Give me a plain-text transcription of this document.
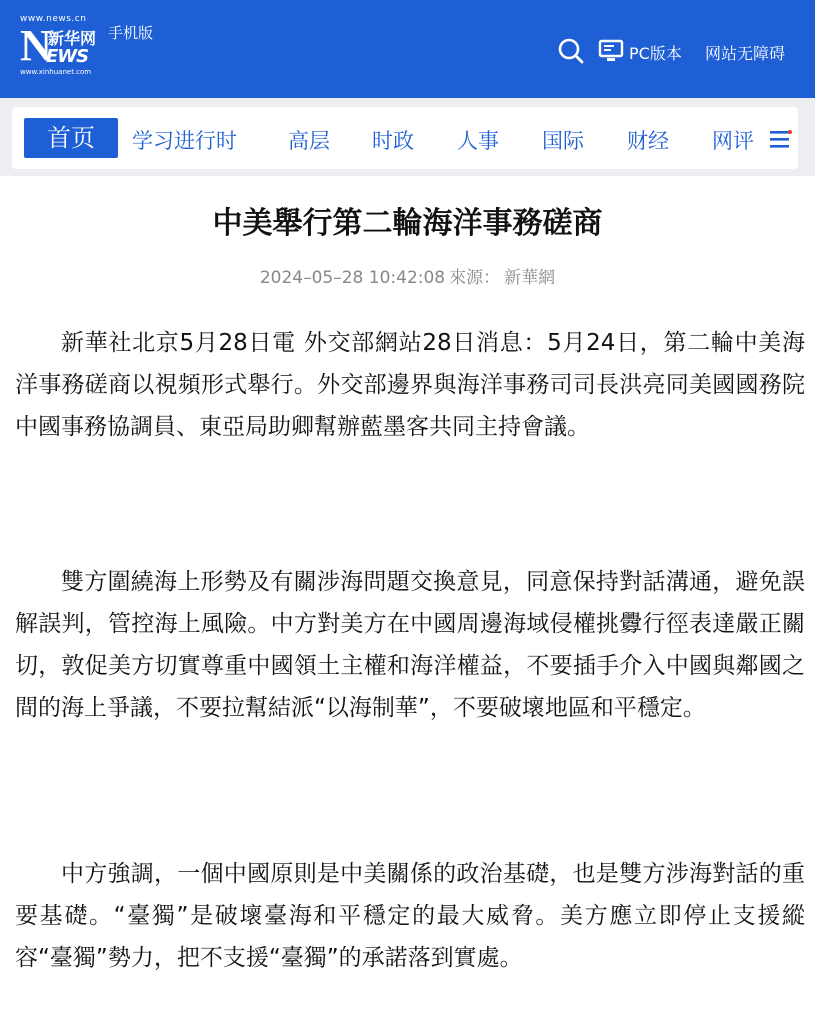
www.news.cn
N
新华网
EWS
www.xinhuanet.com
手机版
PC版本 网站无障碍
首页	学习进行时 高层 时政 人事 国际 财经 网评
中美舉行第二輪海洋事務磋商
2024–05–28 10:42:08 來源： 新華網

新華社北京5月28日電 外交部網站28日消息：5月24日，第二輪中美海洋事務磋商以視頻形式舉行。外交部邊界與海洋事務司司長洪亮同美國國務院中國事務協調員、東亞局助卿幫辦藍墨客共同主持會議。

雙方圍繞海上形勢及有關涉海問題交換意見，同意保持對話溝通，避免誤解誤判，管控海上風險。中方對美方在中國周邊海域侵權挑釁行徑表達嚴正關切，敦促美方切實尊重中國領土主權和海洋權益，不要插手介入中國與鄰國之間的海上爭議，不要拉幫結派“以海制華”，不要破壞地區和平穩定。

中方強調，一個中國原則是中美關係的政治基礎，也是雙方涉海對話的重要基礎。“臺獨”是破壞臺海和平穩定的最大威脅。美方應立即停止支援縱容“臺獨”勢力，把不支援“臺獨”的承諾落到實處。
